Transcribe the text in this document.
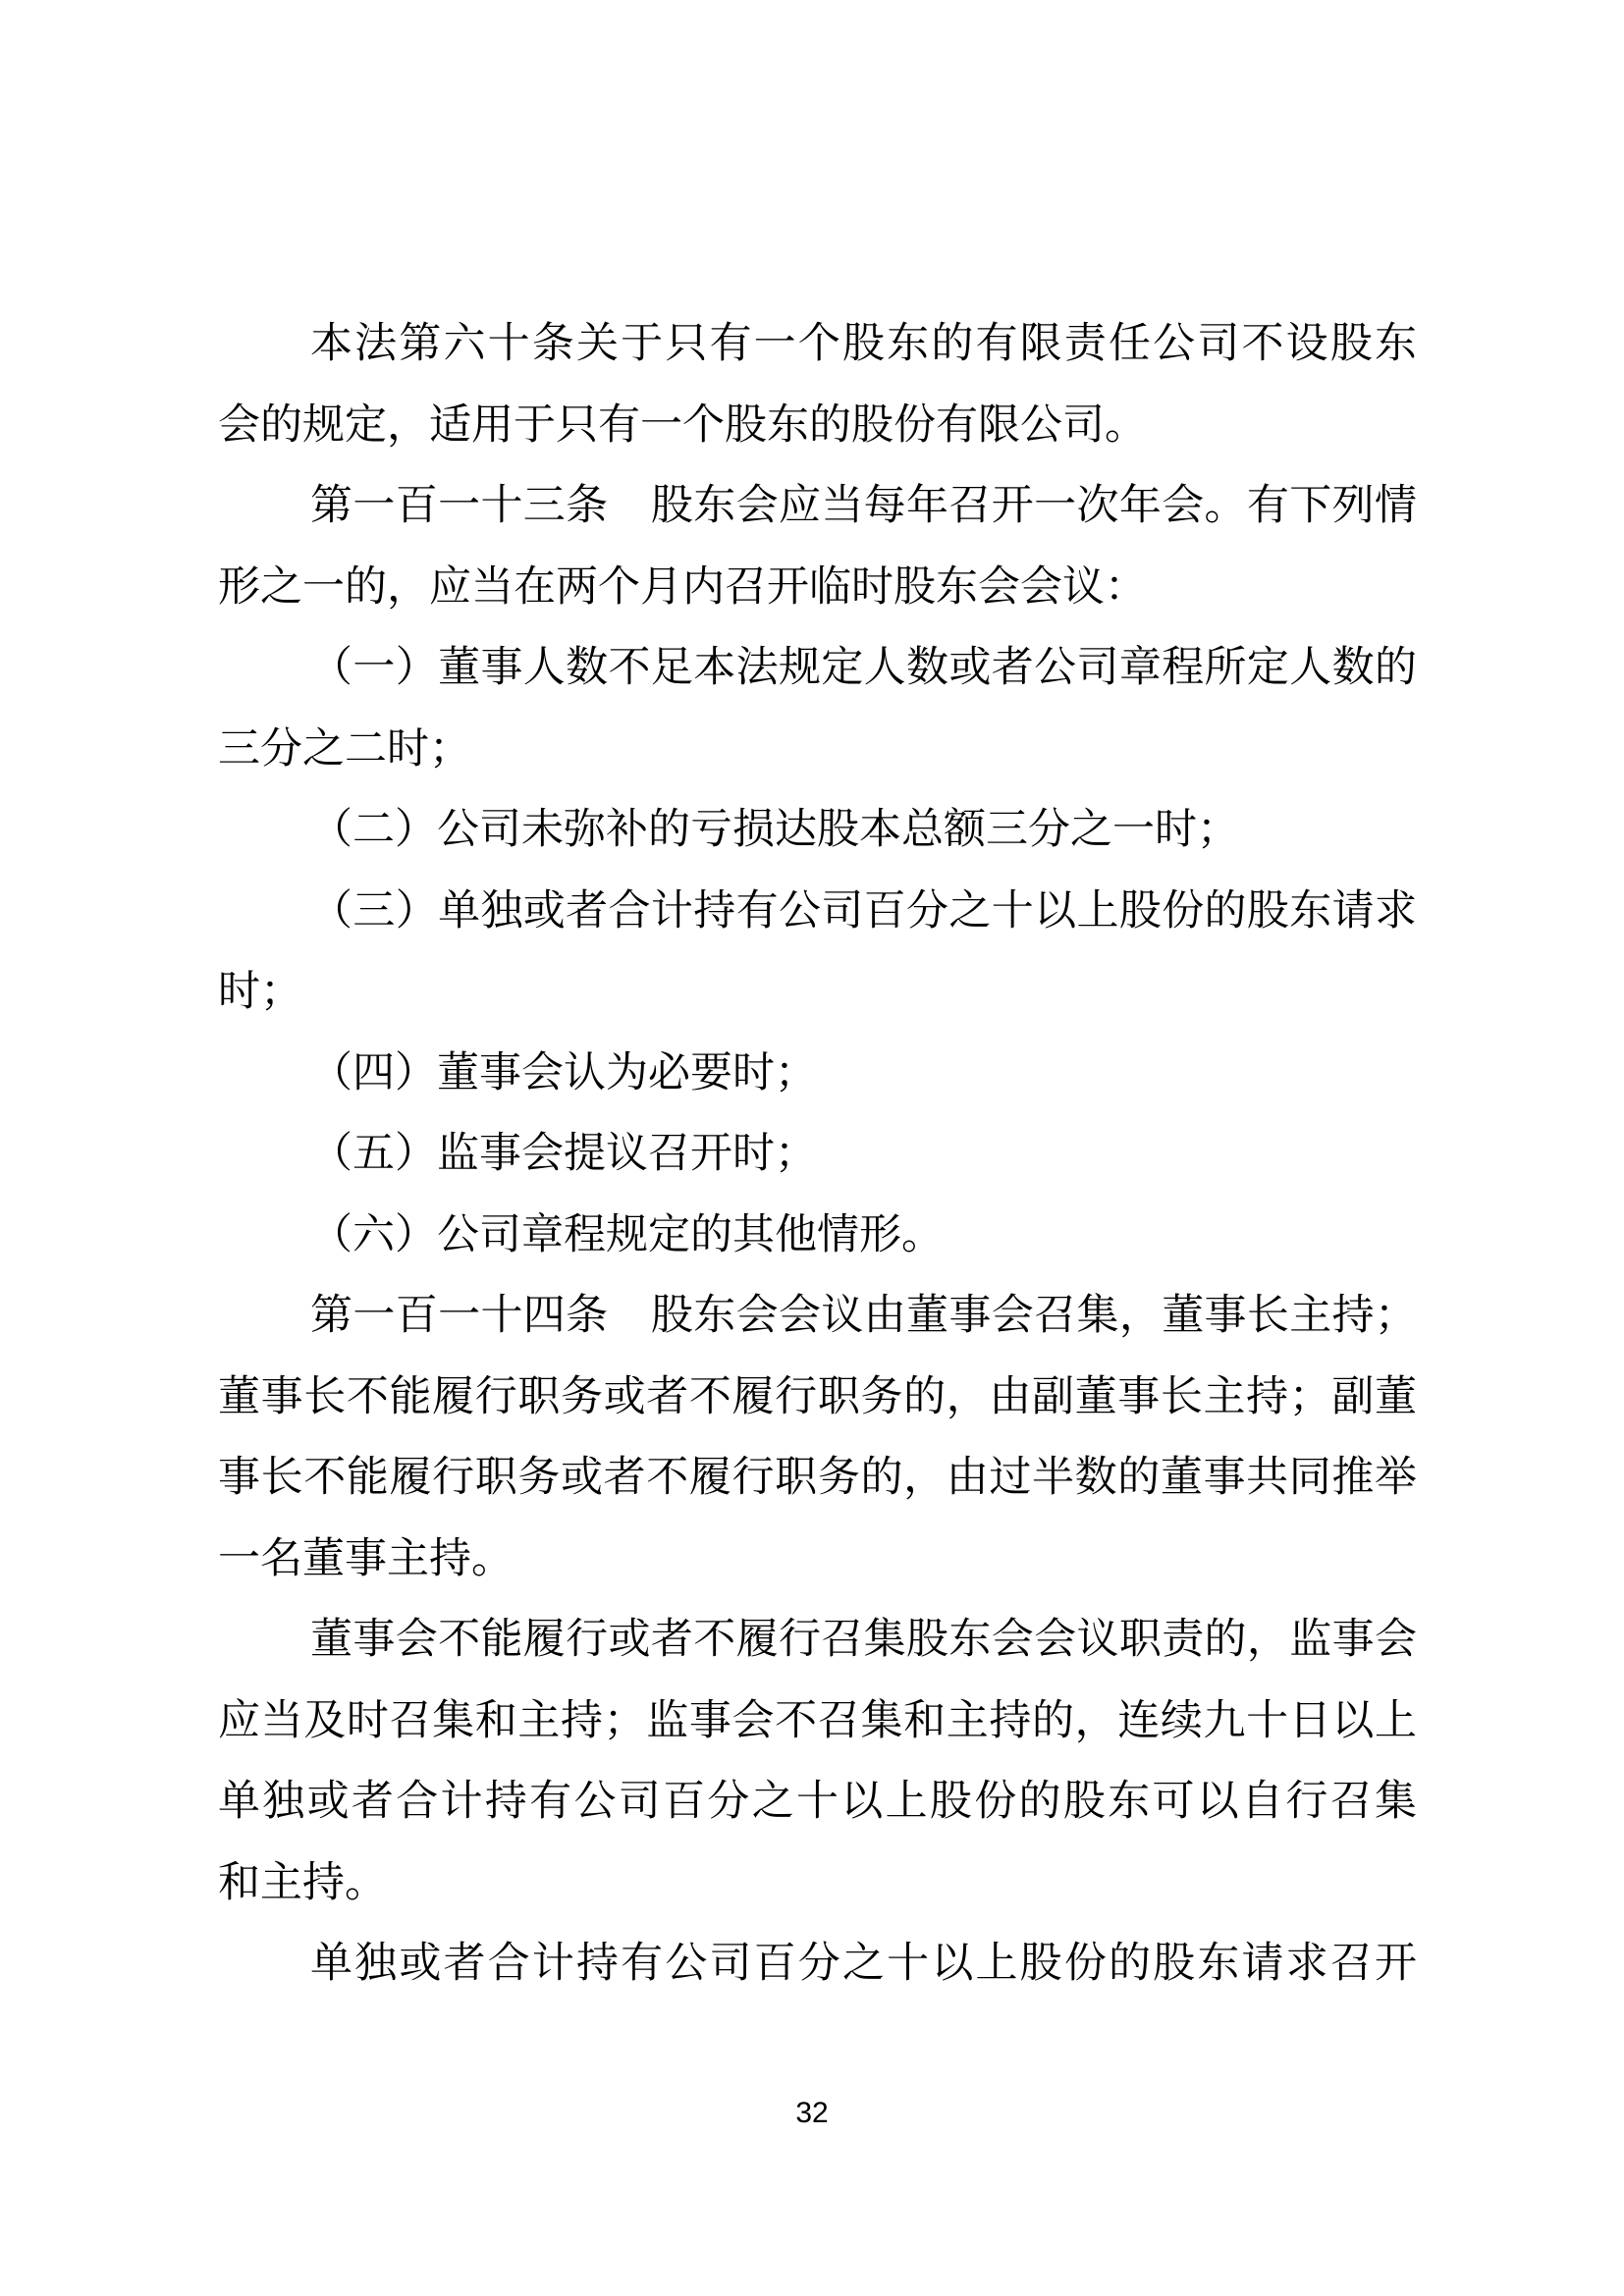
本法第六十条关于只有一个股东的有限责任公司不设股东
会的规定，适用于只有一个股东的股份有限公司。
第一百一十三条　股东会应当每年召开一次年会。有下列情
形之一的，应当在两个月内召开临时股东会会议：
（一）董事人数不足本法规定人数或者公司章程所定人数的
三分之二时；
（二）公司未弥补的亏损达股本总额三分之一时；
（三）单独或者合计持有公司百分之十以上股份的股东请求
时；
（四）董事会认为必要时；
（五）监事会提议召开时；
（六）公司章程规定的其他情形。
第一百一十四条　股东会会议由董事会召集，董事长主持；
董事长不能履行职务或者不履行职务的，由副董事长主持；副董
事长不能履行职务或者不履行职务的，由过半数的董事共同推举
一名董事主持。
董事会不能履行或者不履行召集股东会会议职责的，监事会
应当及时召集和主持；监事会不召集和主持的，连续九十日以上
单独或者合计持有公司百分之十以上股份的股东可以自行召集
和主持。
单独或者合计持有公司百分之十以上股份的股东请求召开
32
